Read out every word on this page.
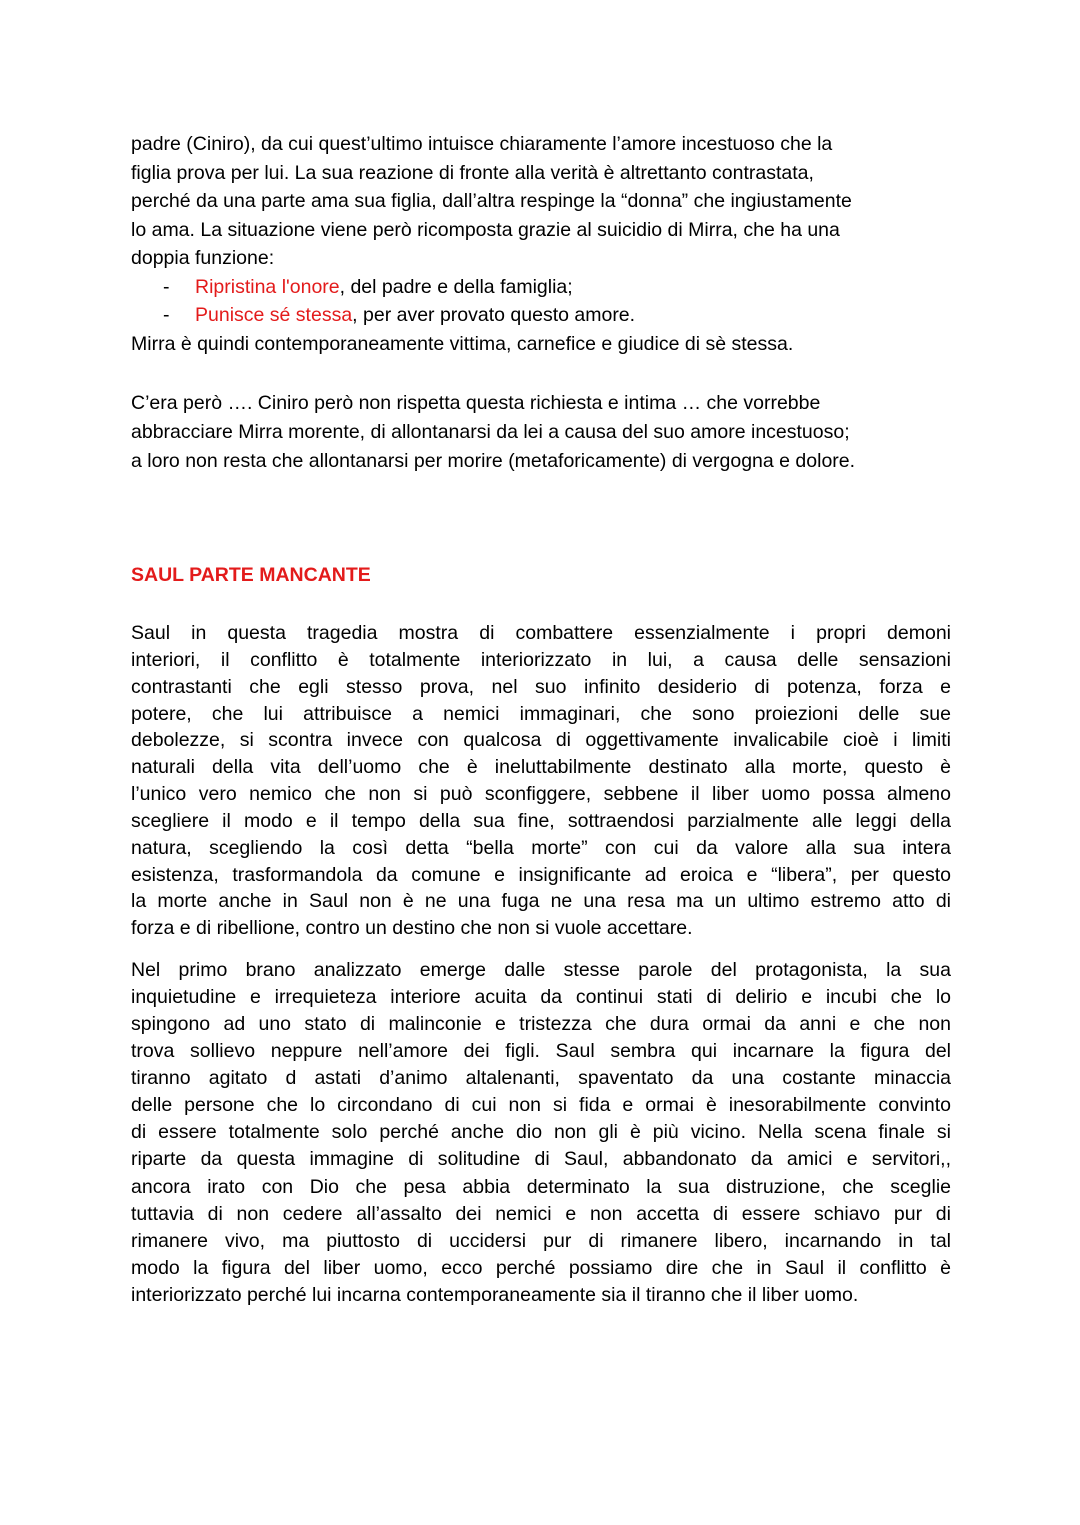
padre (Ciniro), da cui quest’ultimo intuisce chiaramente l’amore incestuoso che la
figlia prova per lui. La sua reazione di fronte alla verità è altrettanto contrastata,
perché da una parte ama sua figlia, dall’altra respinge la “donna” che ingiustamente
lo ama. La situazione viene però ricomposta grazie al suicidio di Mirra, che ha una
doppia funzione:
- Ripristina l'onore, del padre e della famiglia;
- Punisce sé stessa, per aver provato questo amore.
Mirra è quindi contemporaneamente vittima, carnefice e giudice di sè stessa.
C’era però …. Ciniro però non rispetta questa richiesta e intima … che vorrebbe
abbracciare Mirra morente, di allontanarsi da lei a causa del suo amore incestuoso;
a loro non resta che allontanarsi per morire (metaforicamente) di vergogna e dolore.
SAUL PARTE MANCANTE
Saul in questa tragedia mostra di combattere essenzialmente i propri demoni
interiori, il conflitto è totalmente interiorizzato in lui, a causa delle sensazioni
contrastanti che egli stesso prova, nel suo infinito desiderio di potenza, forza e
potere, che lui attribuisce a nemici immaginari, che sono proiezioni delle sue
debolezze, si scontra invece con qualcosa di oggettivamente invalicabile cioè i limiti
naturali della vita dell’uomo che è ineluttabilmente destinato alla morte, questo è
l’unico vero nemico che non si può sconfiggere, sebbene il liber uomo possa almeno
scegliere il modo e il tempo della sua fine, sottraendosi parzialmente alle leggi della
natura, scegliendo la così detta “bella morte” con cui da valore alla sua intera
esistenza, trasformandola da comune e insignificante ad eroica e “libera”, per questo
la morte anche in Saul non è ne una fuga ne una resa ma un ultimo estremo atto di
forza e di ribellione, contro un destino che non si vuole accettare.
Nel primo brano analizzato emerge dalle stesse parole del protagonista, la sua
inquietudine e irrequieteza interiore acuita da continui stati di delirio e incubi che lo
spingono ad uno stato di malinconie e tristezza che dura ormai da anni e che non
trova sollievo neppure nell’amore dei figli. Saul sembra qui incarnare la figura del
tiranno agitato d astati d’animo altalenanti, spaventato da una costante minaccia
delle persone che lo circondano di cui non si fida e ormai è inesorabilmente convinto
di essere totalmente solo perché anche dio non gli è più vicino. Nella scena finale si
riparte da questa immagine di solitudine di Saul, abbandonato da amici e servitori,,
ancora irato con Dio che pesa abbia determinato la sua distruzione, che sceglie
tuttavia di non cedere all’assalto dei nemici e non accetta di essere schiavo pur di
rimanere vivo, ma piuttosto di uccidersi pur di rimanere libero, incarnando in tal
modo la figura del liber uomo, ecco perché possiamo dire che in Saul il conflitto è
interiorizzato perché lui incarna contemporaneamente sia il tiranno che il liber uomo.
